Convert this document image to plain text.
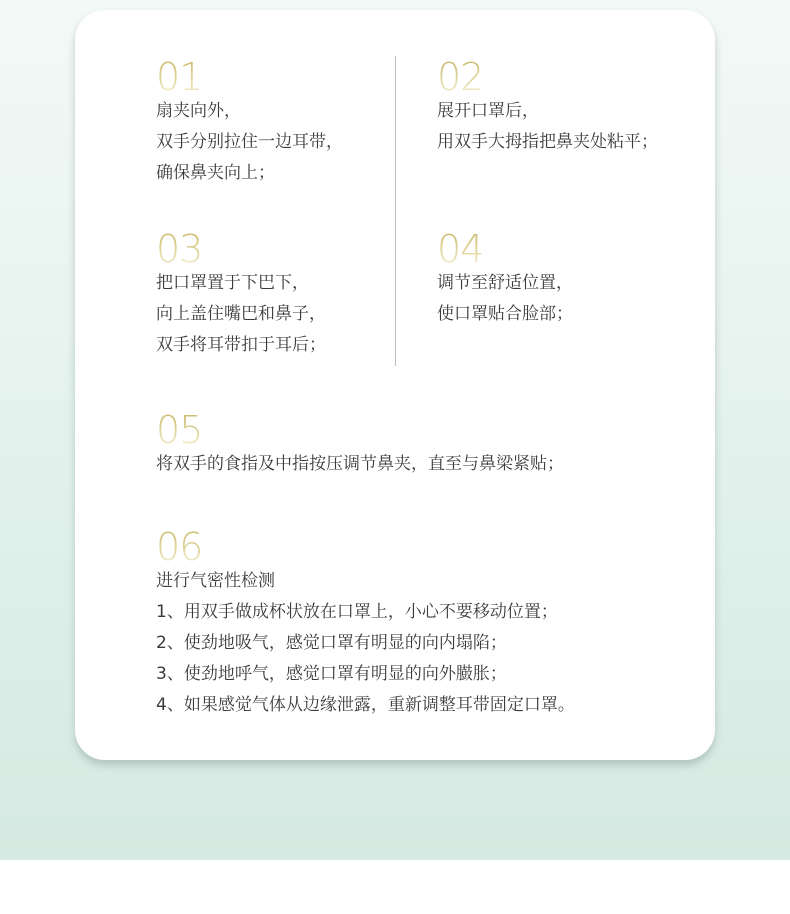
01
扇夹向外，
双手分别拉住一边耳带，
确保鼻夹向上；
02
展开口罩后，
用双手大拇指把鼻夹处粘平；
03
把口罩置于下巴下，
向上盖住嘴巴和鼻子，
双手将耳带扣于耳后；
04
调节至舒适位置，
使口罩贴合脸部；
05
将双手的食指及中指按压调节鼻夹，直至与鼻梁紧贴；
06
进行气密性检测
1、用双手做成杯状放在口罩上，小心不要移动位置；
2、使劲地吸气，感觉口罩有明显的向内塌陷；
3、使劲地呼气，感觉口罩有明显的向外臌胀；
4、如果感觉气体从边缘泄露，重新调整耳带固定口罩。
